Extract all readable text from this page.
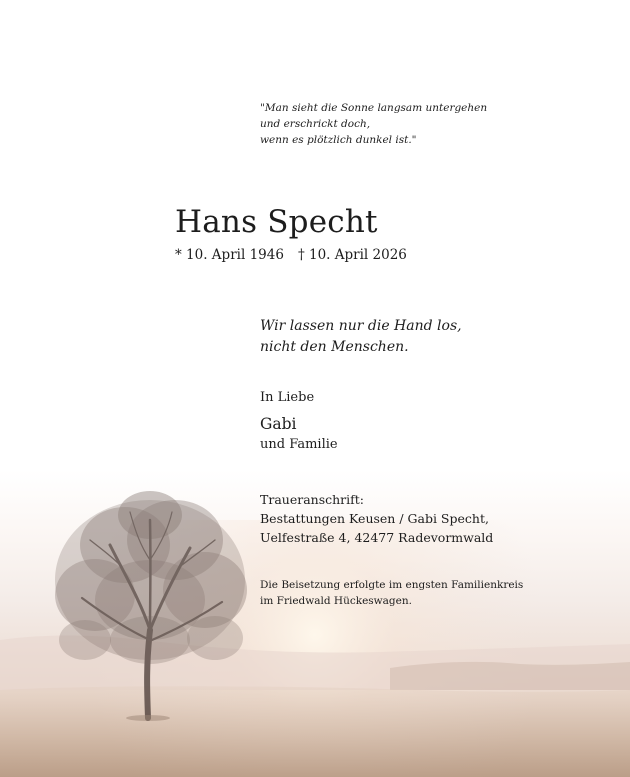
"Man sieht die Sonne langsam untergehen
und erschrickt doch,
wenn es plötzlich dunkel ist."

Hans Specht

* 10. April 1946 † 10. April 2026

Wir lassen nur die Hand los,
nicht den Menschen.

In Liebe

Gabi

und Familie

Traueranschrift:
Bestattungen Keusen / Gabi Specht,
Uelfestraße 4, 42477 Radevormwald

Die Beisetzung erfolgte im engsten Familienkreis
im Friedwald Hückeswagen.
